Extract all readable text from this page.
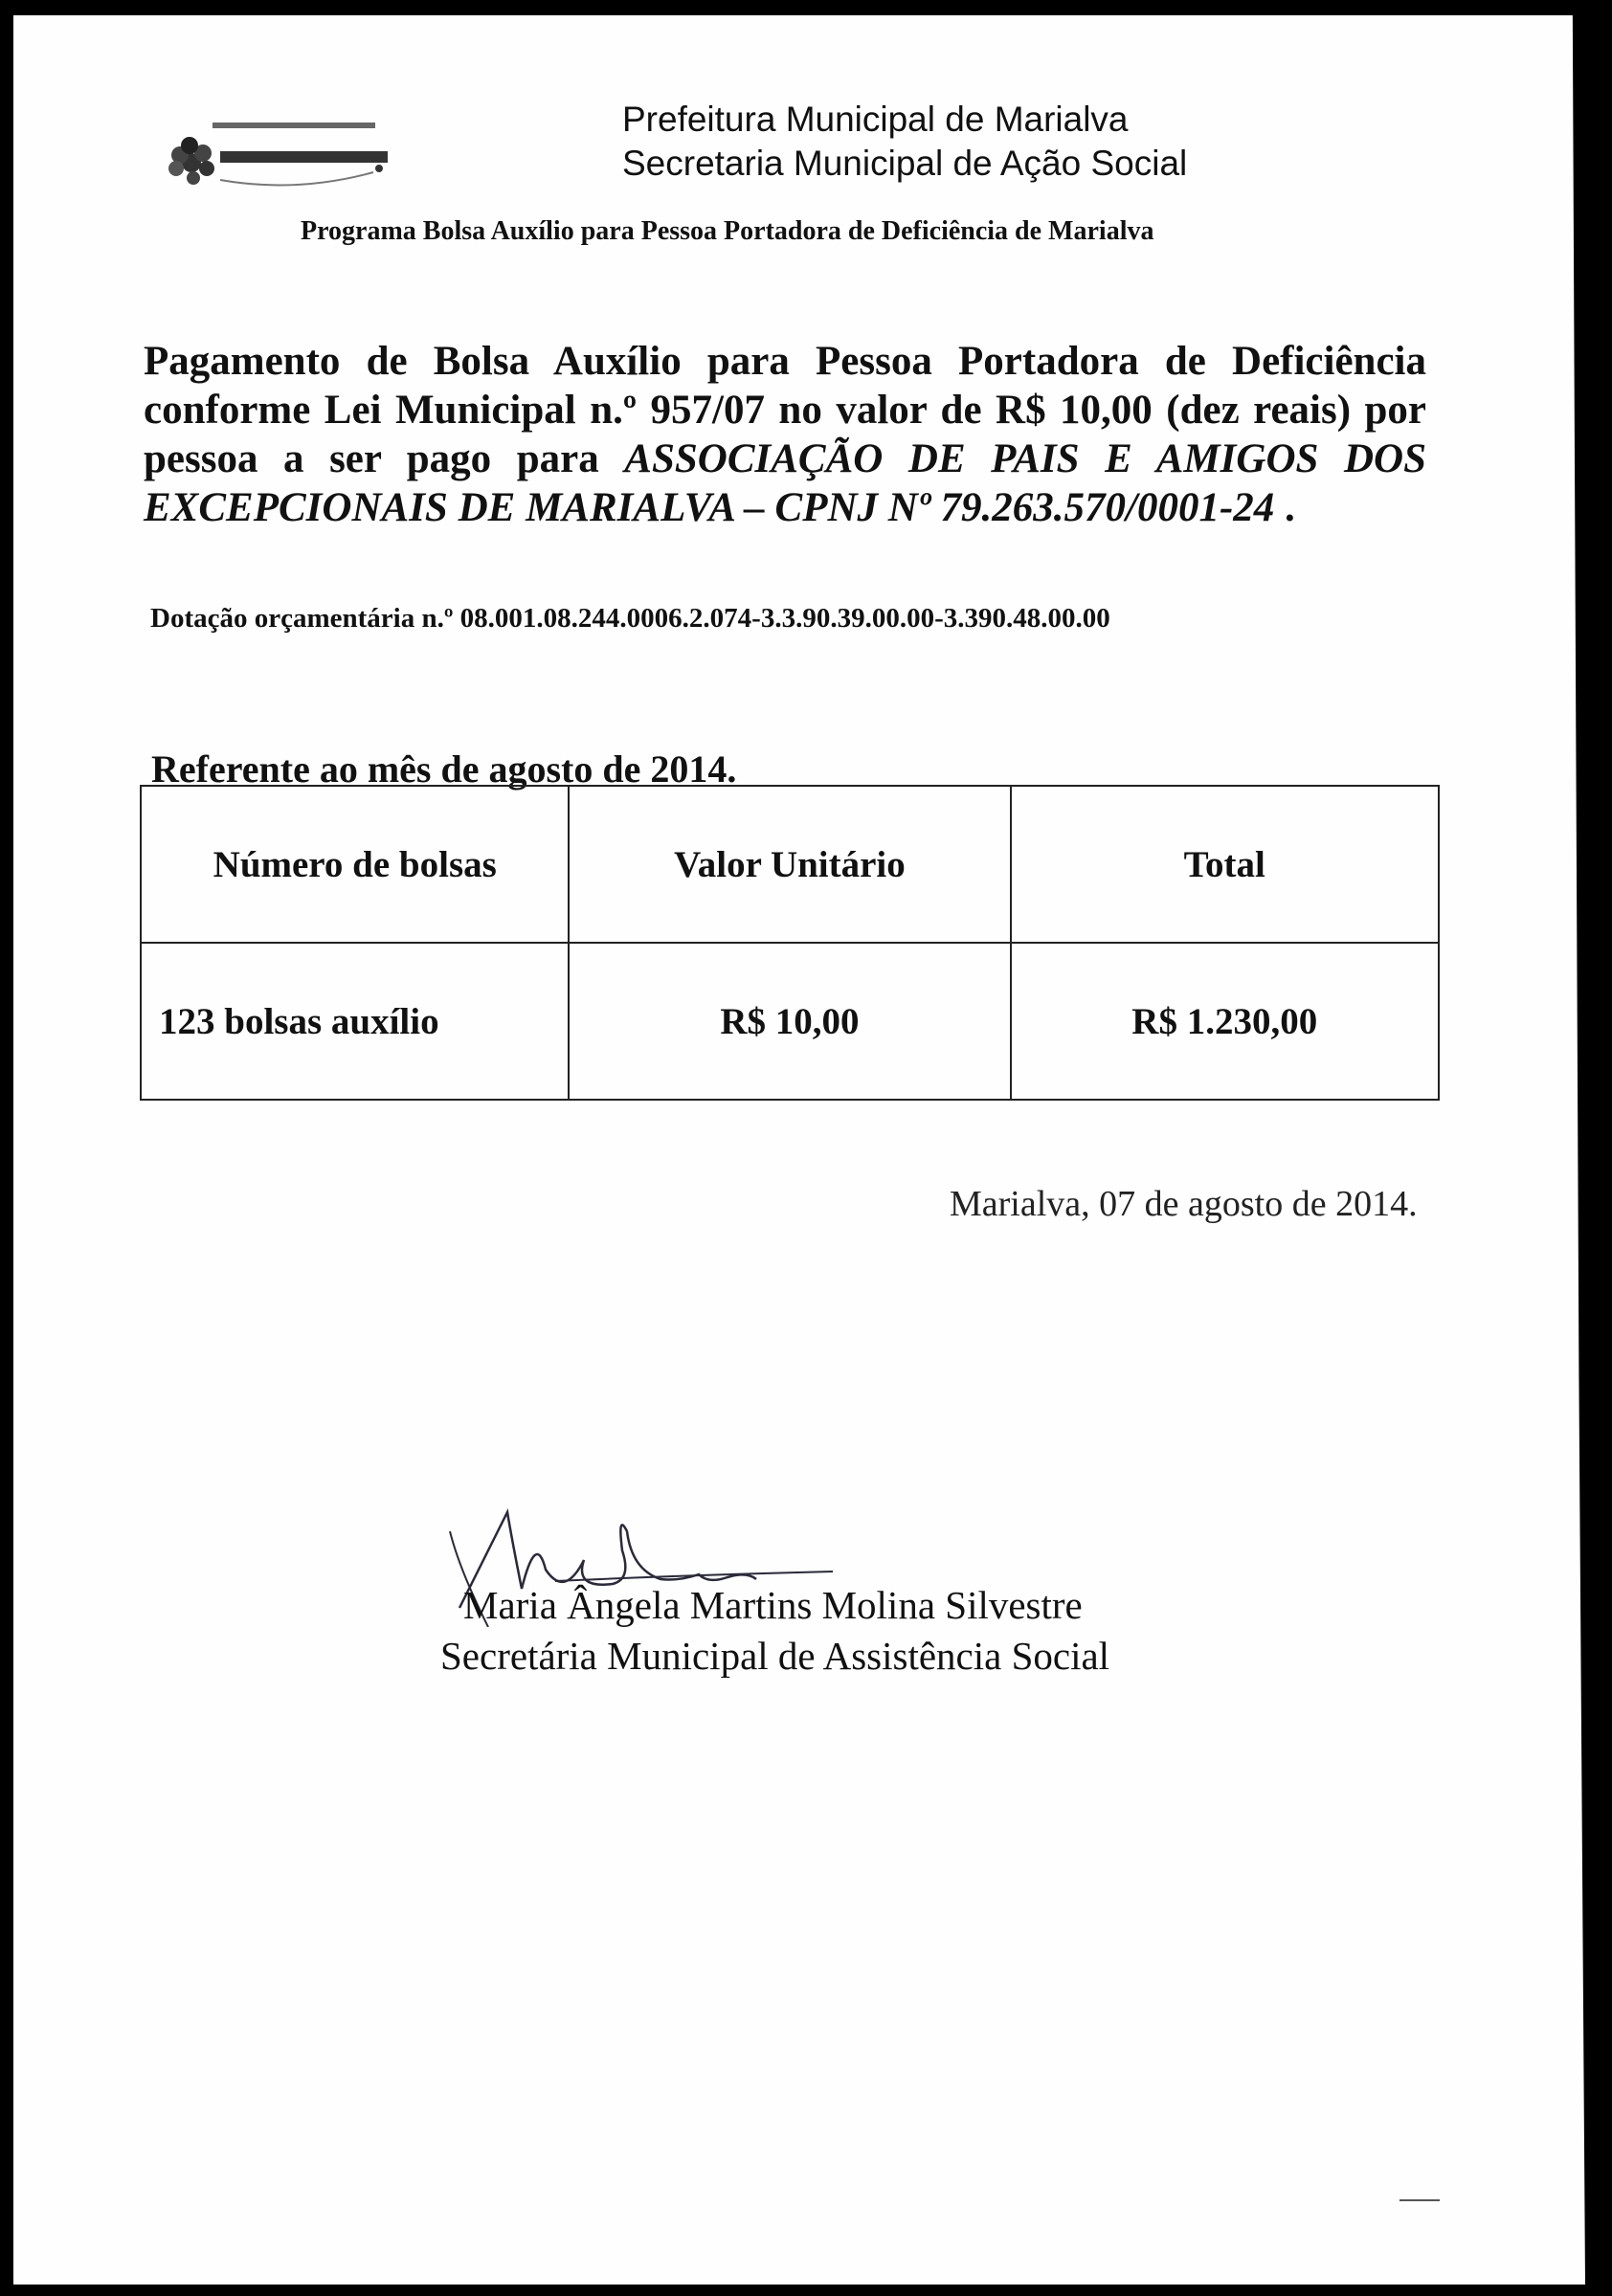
Prefeitura Municipal de Marialva
Secretaria Municipal de Ação Social
Programa Bolsa Auxílio para Pessoa Portadora de Deficiência de Marialva
Pagamento de Bolsa Auxílio para Pessoa Portadora de Deficiência conforme Lei Municipal n.º 957/07 no valor de R$ 10,00 (dez reais) por pessoa a ser pago para ASSOCIAÇÃO DE PAIS E AMIGOS DOS EXCEPCIONAIS DE MARIALVA – CPNJ Nº 79.263.570/0001-24 .
Dotação orçamentária n.º 08.001.08.244.0006.2.074-3.3.90.39.00.00-3.390.48.00.00
Referente ao mês de agosto de 2014.
Número de bolsas	Valor Unitário	Total
123 bolsas auxílio	R$ 10,00	R$ 1.230,00
Marialva, 07 de agosto de 2014.
Maria Ângela Martins Molina Silvestre
Secretária Municipal de Assistência Social
